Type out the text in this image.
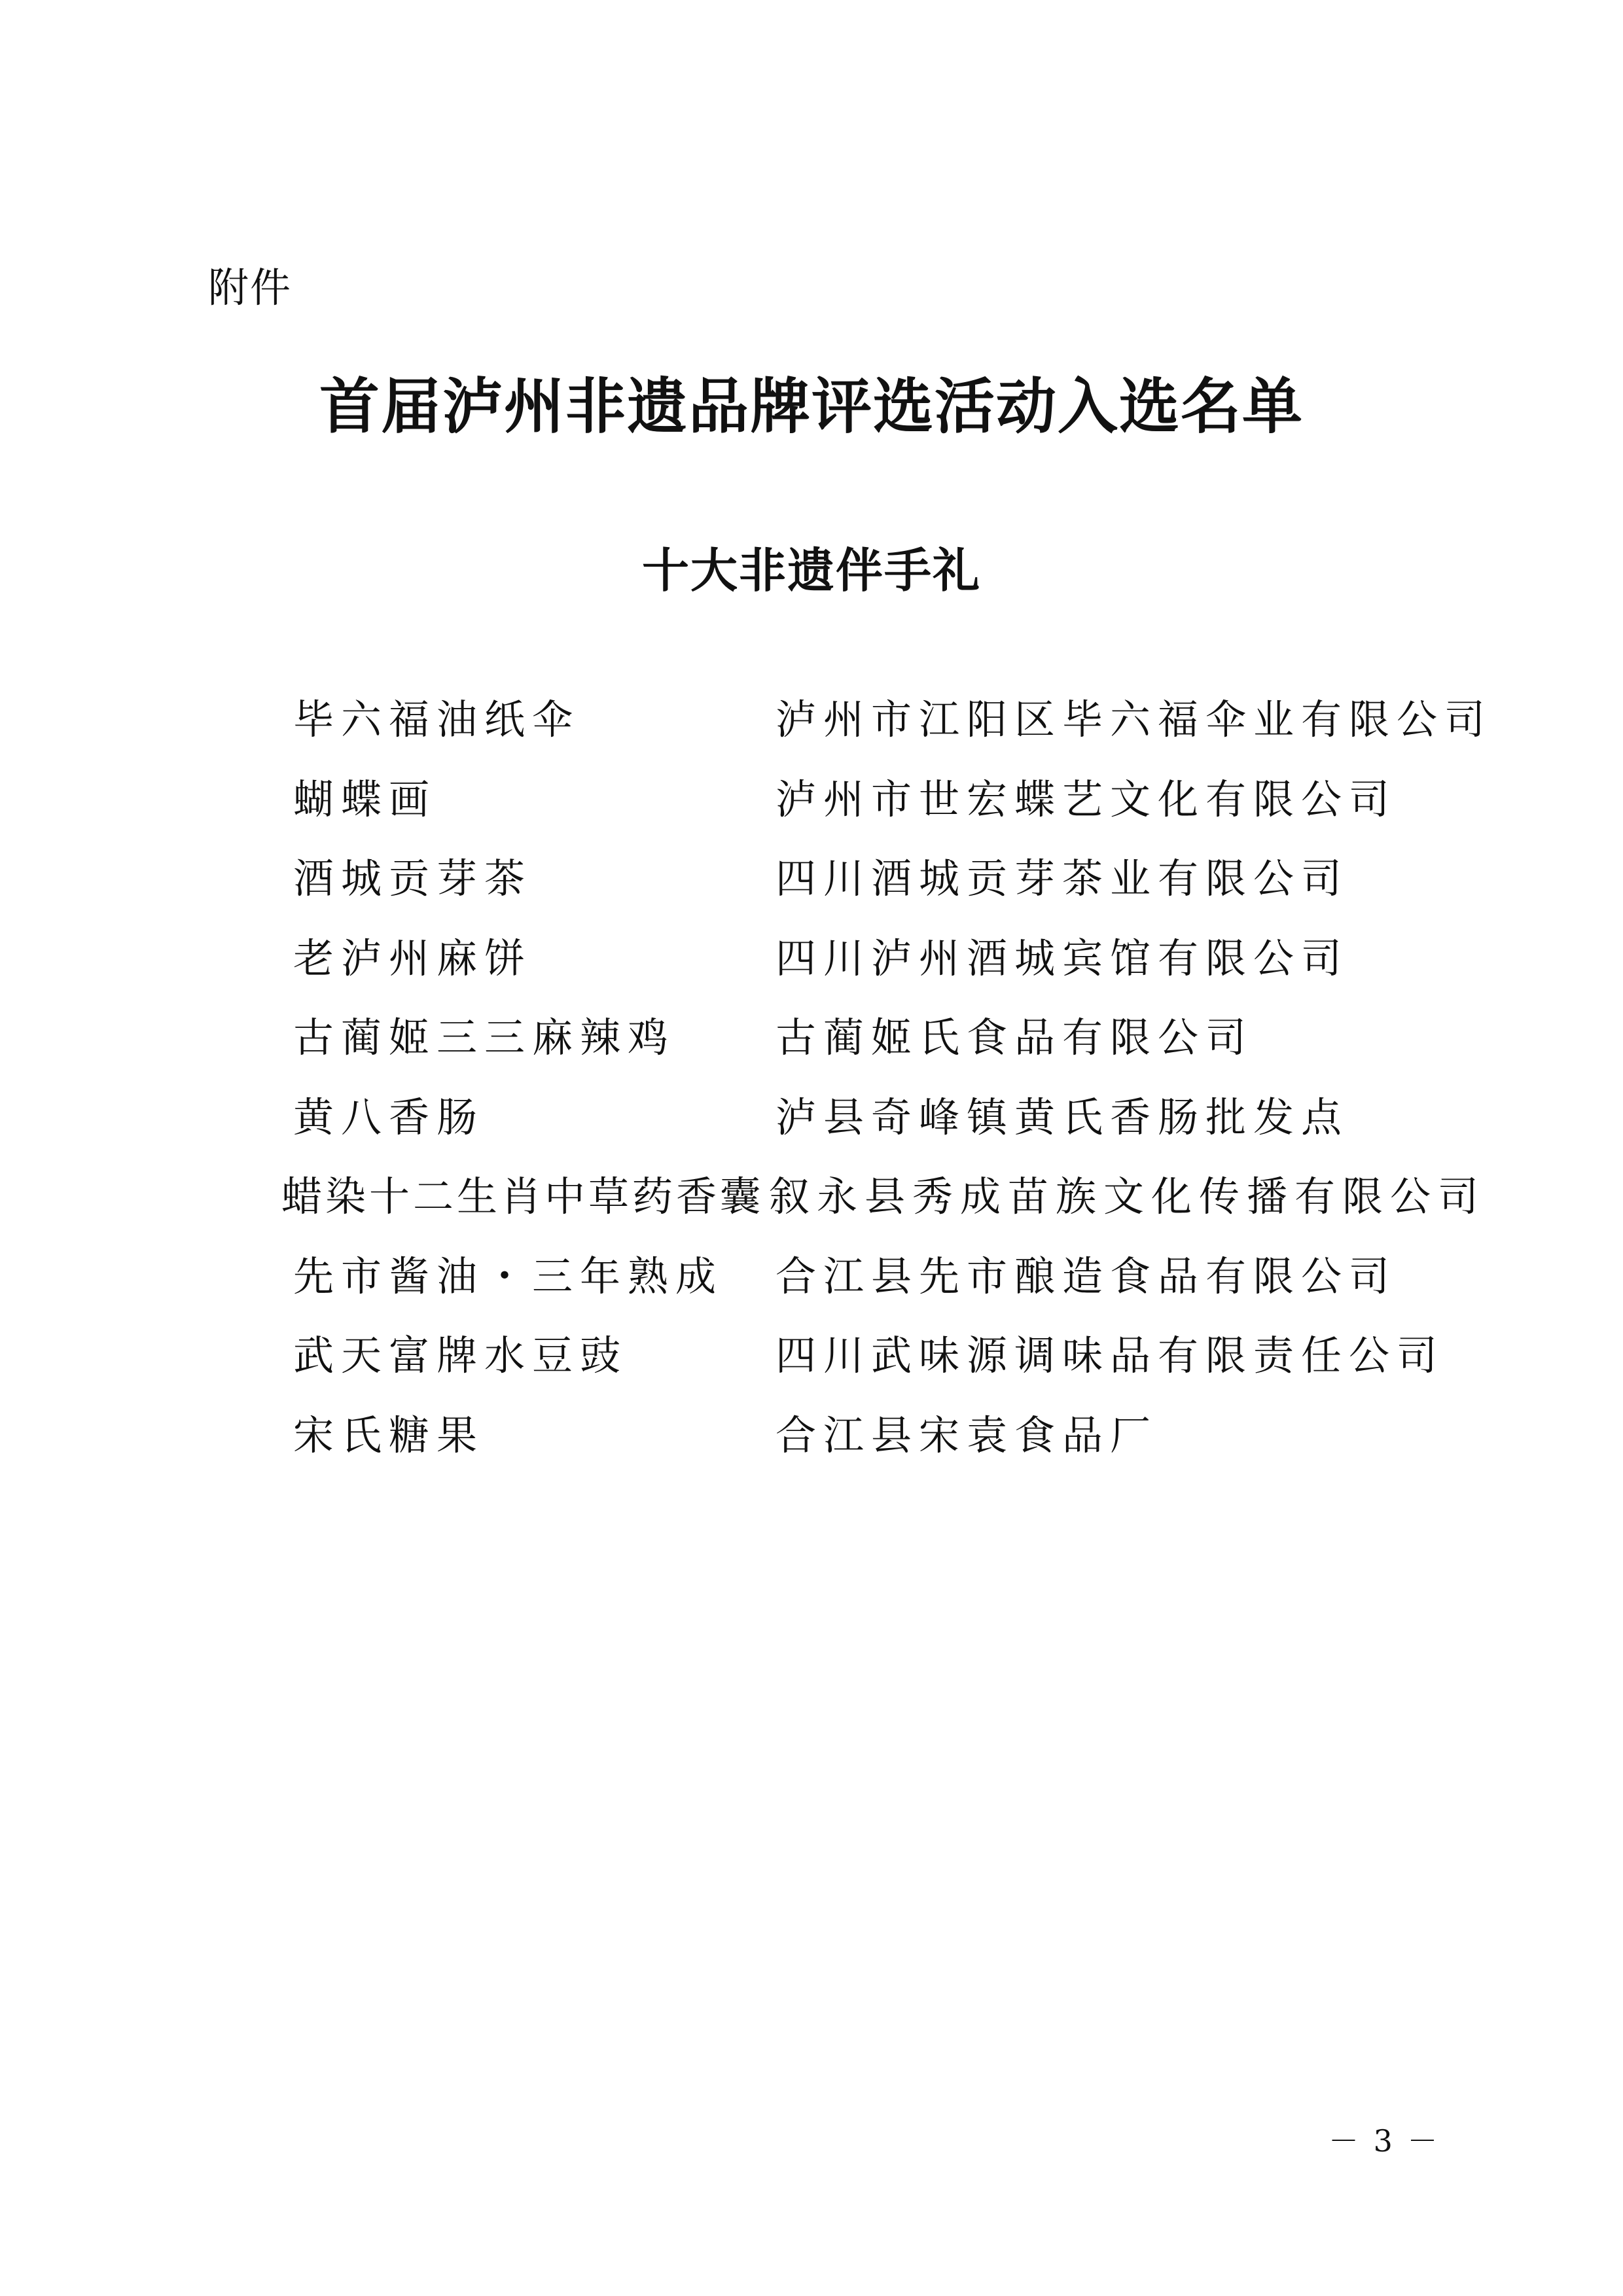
附件
首届泸州非遗品牌评选活动入选名单
十大非遗伴手礼
毕六福油纸伞	泸州市江阳区毕六福伞业有限公司
蝴蝶画	泸州市世宏蝶艺文化有限公司
酒城贡芽茶	四川酒城贡芽茶业有限公司
老泸州麻饼	四川泸州酒城宾馆有限公司
古蔺姬三三麻辣鸡 古蔺姬氏食品有限公司
黄八香肠	泸县奇峰镇黄氏香肠批发点
蜡染十二生肖中草药香囊 叙永县秀成苗族文化传播有限公司
先市酱油・三年熟成 合江县先市酿造食品有限公司
武天富牌水豆豉	四川武味源调味品有限责任公司
宋氏糖果	合江县宋袁食品厂
－ 3 －
